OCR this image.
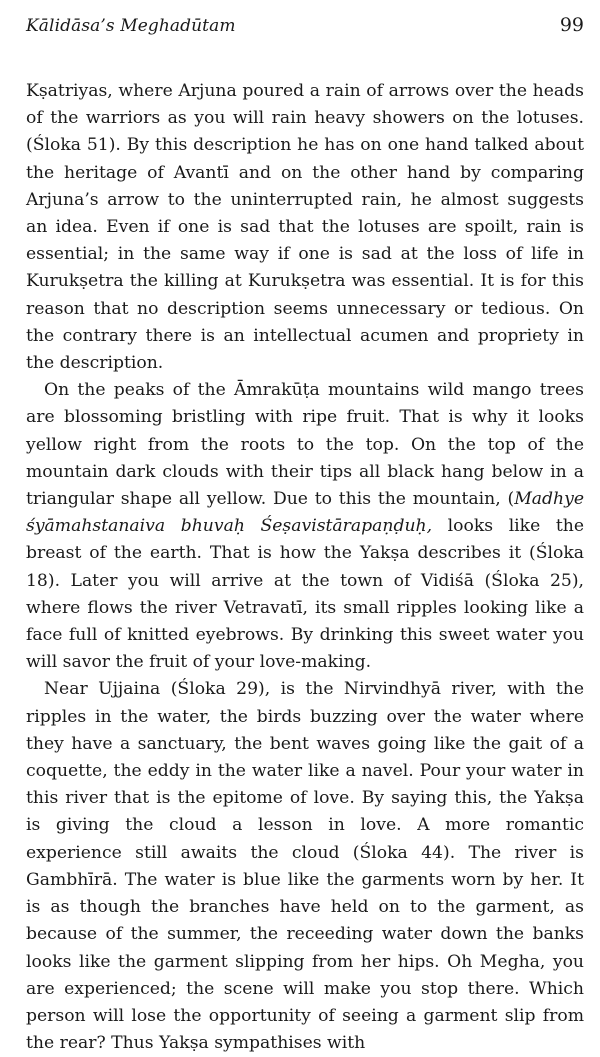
Kālidāsa’s Meghadūtam	99

Kṣatriyas, where Arjuna poured a rain of arrows over the heads of the warriors as you will rain heavy showers on the lotuses. (Śloka 51). By this description he has on one hand talked about the heritage of Avantī and on the other hand by comparing Arjuna’s arrow to the uninterrupted rain, he almost suggests an idea. Even if one is sad that the lotuses are spoilt, rain is essential; in the same way if one is sad at the loss of life in Kurukṣetra the killing at Kurukṣetra was essential. It is for this reason that no description seems unnecessary or tedious. On the contrary there is an intellectual acumen and propriety in the description.

On the peaks of the Āmrakūṭa mountains wild mango trees are blossoming bristling with ripe fruit. That is why it looks yellow right from the roots to the top. On the top of the mountain dark clouds with their tips all black hang below in a triangular shape all yellow. Due to this the mountain, (Madhye śyāmahstanaiva bhuvaḥ Śeṣavistārapaṇḍuḥ, looks like the breast of the earth. That is how the Yakṣa describes it (Śloka 18). Later you will arrive at the town of Vidiśā (Śloka 25), where flows the river Vetravatī, its small ripples looking like a face full of knitted eyebrows. By drinking this sweet water you will savor the fruit of your love-making.

Near Ujjaina (Śloka 29), is the Nirvindhyā river, with the ripples in the water, the birds buzzing over the water where they have a sanctuary, the bent waves going like the gait of a coquette, the eddy in the water like a navel. Pour your water in this river that is the epitome of love. By saying this, the Yakṣa is giving the cloud a lesson in love. A more romantic experience still awaits the cloud (Śloka 44). The river is Gambhīrā. The water is blue like the garments worn by her. It is as though the branches have held on to the garment, as because of the summer, the receeding water down the banks looks like the garment slipping from her hips. Oh Megha, you are experienced; the scene will make you stop there. Which person will lose the opportunity of seeing a garment slip from the rear? Thus Yakṣa sympathises with
